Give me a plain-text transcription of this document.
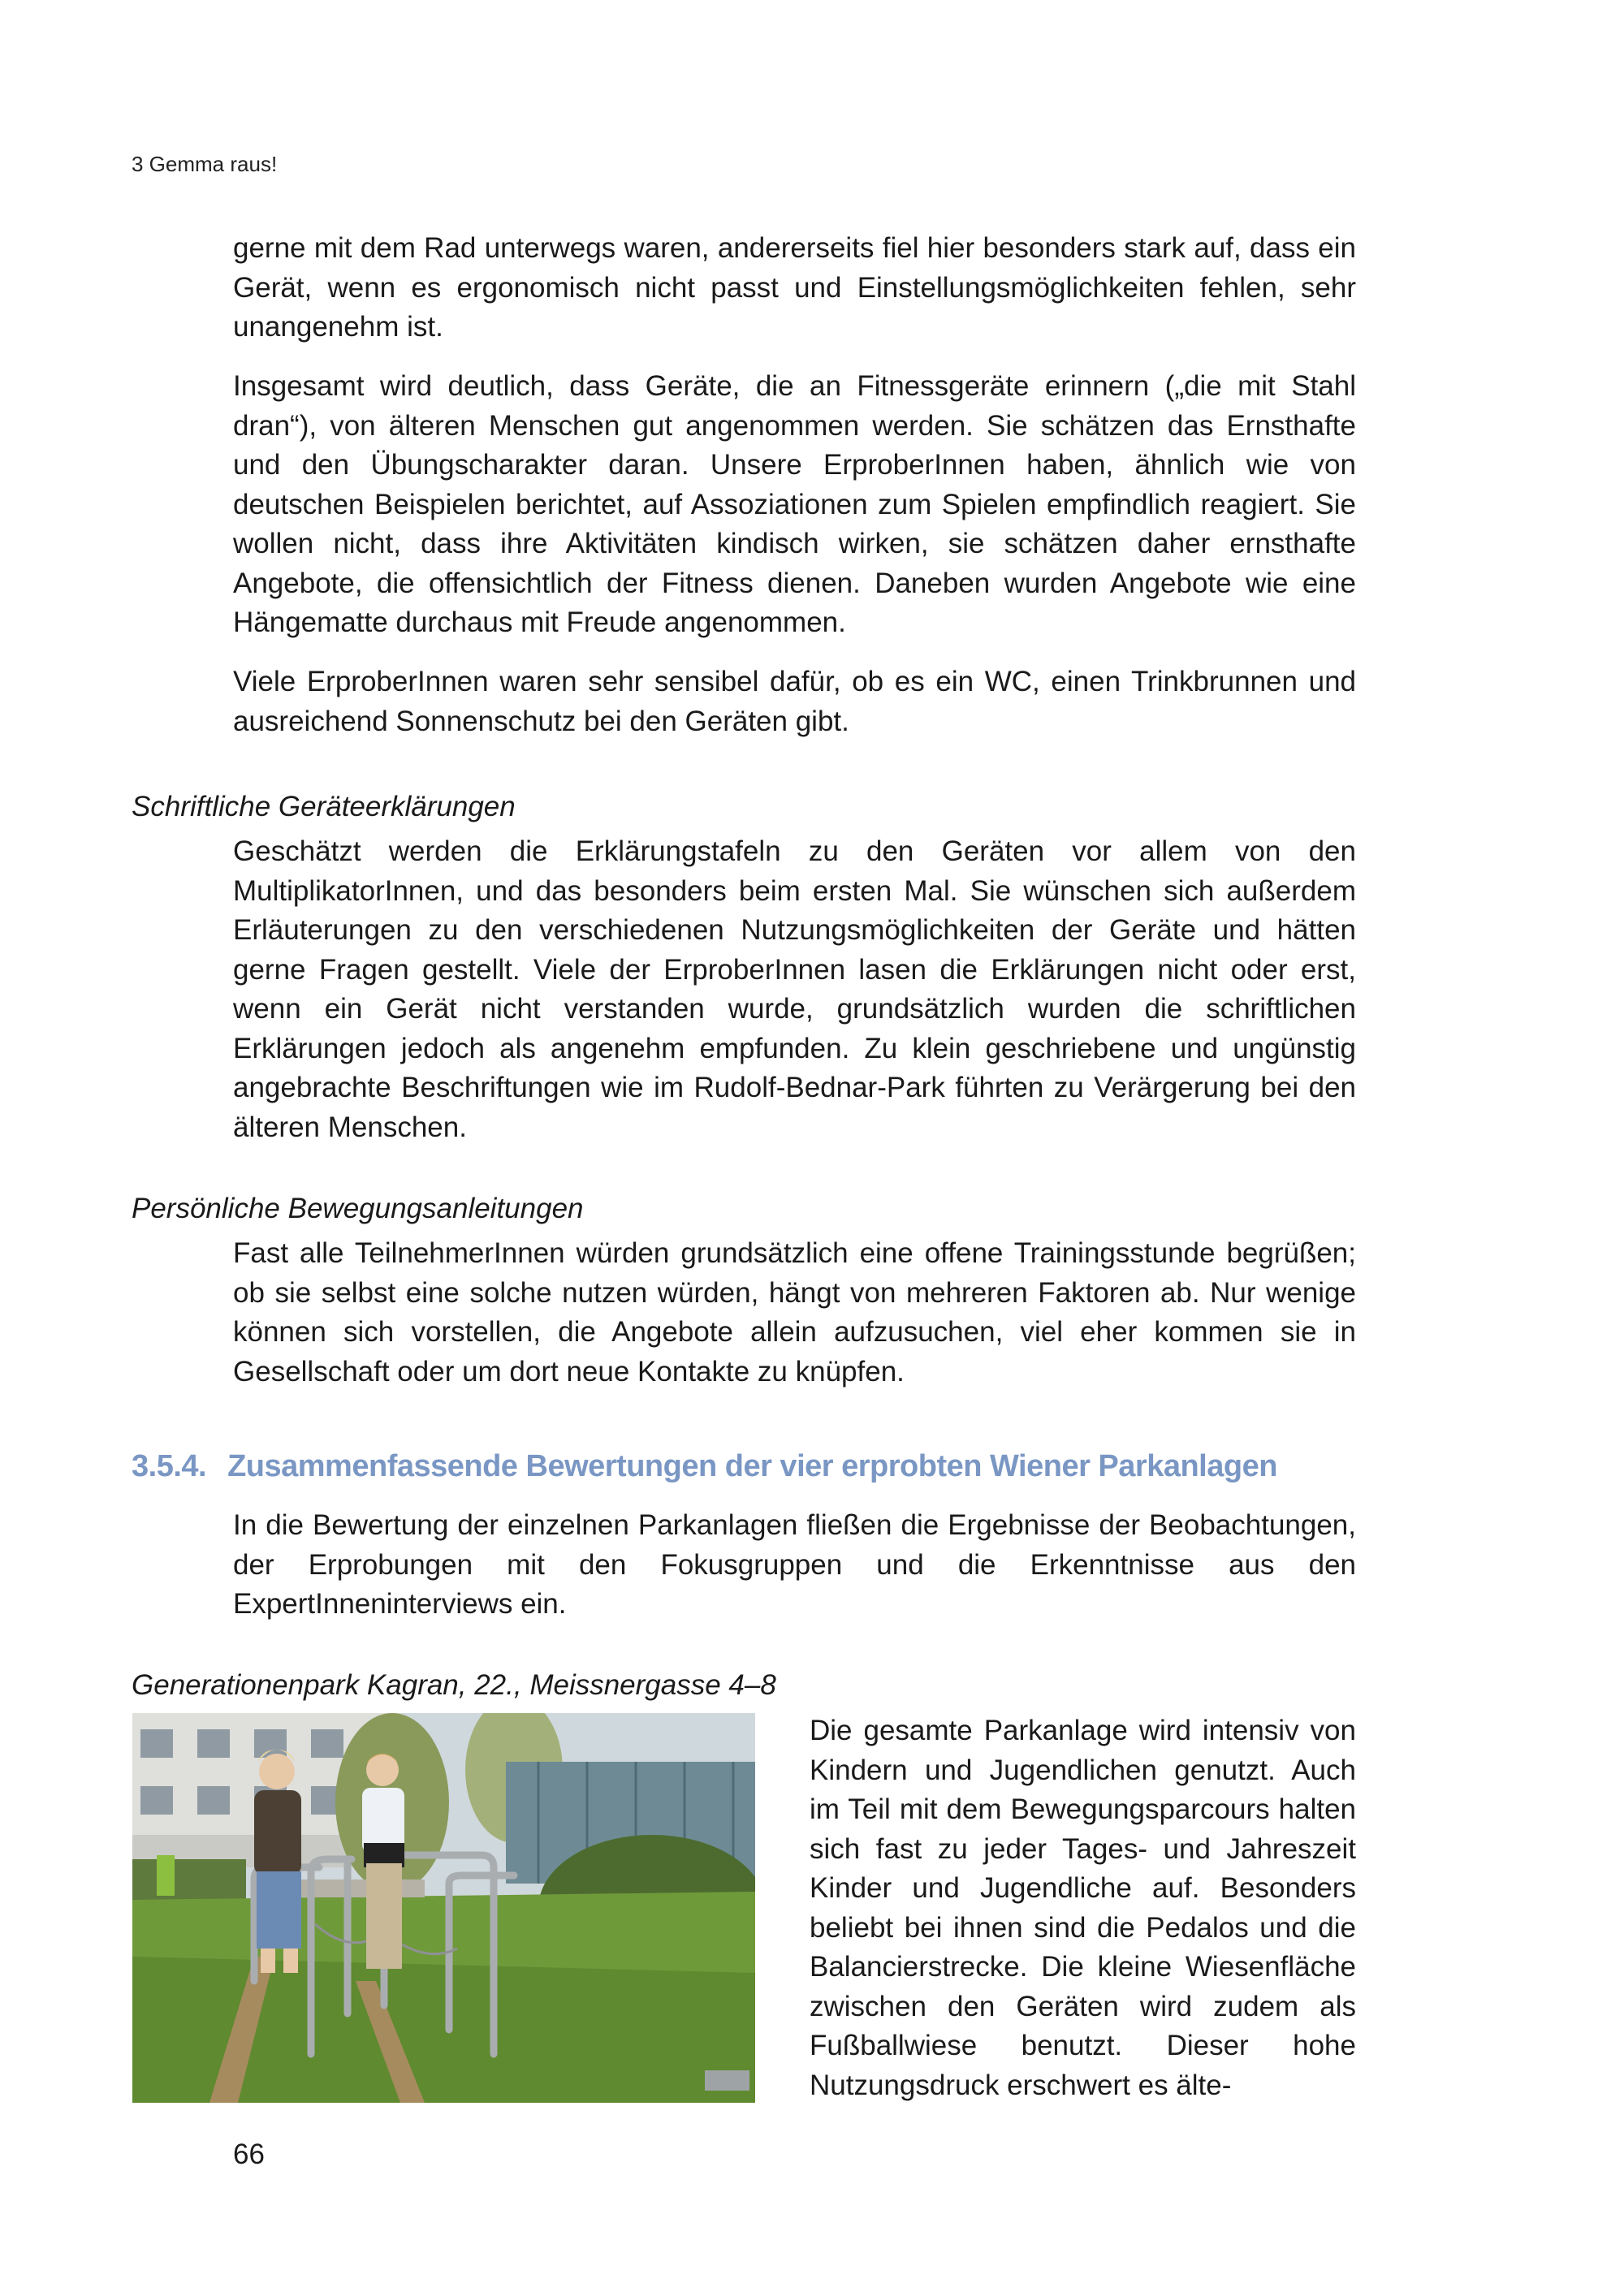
3 Gemma raus!

gerne mit dem Rad unterwegs waren, andererseits fiel hier besonders stark auf, dass ein Gerät, wenn es ergonomisch nicht passt und Einstellungsmöglichkeiten fehlen, sehr unangenehm ist.

Insgesamt wird deutlich, dass Geräte, die an Fitnessgeräte erinnern („die mit Stahl dran“), von älteren Menschen gut angenommen werden. Sie schätzen das Ernsthafte und den Übungscharakter daran. Unsere ErproberInnen haben, ähnlich wie von deutschen Beispielen berichtet, auf Assoziationen zum Spielen empfindlich reagiert. Sie wollen nicht, dass ihre Aktivitäten kindisch wirken, sie schätzen daher ernsthafte Angebote, die offensichtlich der Fitness dienen. Daneben wurden Angebote wie eine Hängematte durchaus mit Freude angenommen.

Viele ErproberInnen waren sehr sensibel dafür, ob es ein WC, einen Trinkbrunnen und ausreichend Sonnenschutz bei den Geräten gibt.

Schriftliche Geräteerklärungen

Geschätzt werden die Erklärungstafeln zu den Geräten vor allem von den MultiplikatorInnen, und das besonders beim ersten Mal. Sie wünschen sich außerdem Erläuterungen zu den verschiedenen Nutzungsmöglichkeiten der Geräte und hätten gerne Fragen gestellt. Viele der ErproberInnen lasen die Erklärungen nicht oder erst, wenn ein Gerät nicht verstanden wurde, grundsätzlich wurden die schriftlichen Erklärungen jedoch als angenehm empfunden. Zu klein geschriebene und ungünstig angebrachte Beschriftungen wie im Rudolf-Bednar-Park führten zu Verärgerung bei den älteren Menschen.

Persönliche Bewegungsanleitungen

Fast alle TeilnehmerInnen würden grundsätzlich eine offene Trainingsstunde begrüßen; ob sie selbst eine solche nutzen würden, hängt von mehreren Faktoren ab. Nur wenige können sich vorstellen, die Angebote allein aufzusuchen, viel eher kommen sie in Gesellschaft oder um dort neue Kontakte zu knüpfen.

3.5.4. Zusammenfassende Bewertungen der vier erprobten Wiener Parkanlagen

In die Bewertung der einzelnen Parkanlagen fließen die Ergebnisse der Beobachtungen, der Erprobungen mit den Fokusgruppen und die Erkenntnisse aus den ExpertInneninterviews ein.

Generationenpark Kagran, 22., Meissnergasse 4–8

Die gesamte Parkanlage wird intensiv von Kindern und Jugendlichen genutzt. Auch im Teil mit dem Bewegungsparcours halten sich fast zu jeder Tages- und Jahreszeit Kinder und Jugendliche auf. Besonders beliebt bei ihnen sind die Pedalos und die Balancierstrecke. Die kleine Wiesenfläche zwischen den Geräten wird zudem als Fußballwiese benutzt. Dieser hohe Nutzungsdruck erschwert es älte-

66
